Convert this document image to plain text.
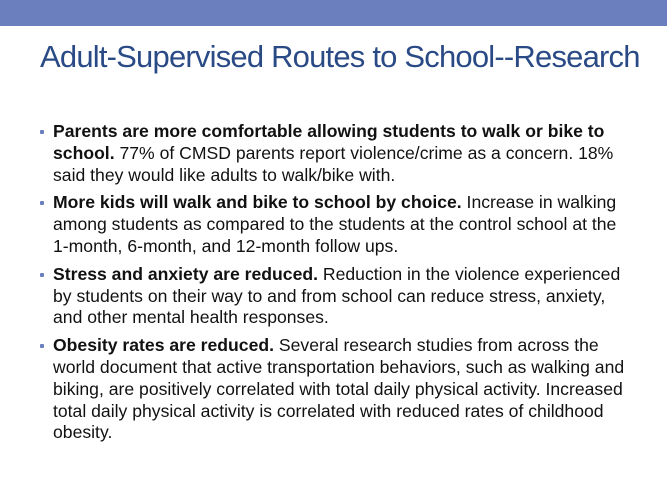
Adult-Supervised Routes to School--Research
Parents are more comfortable allowing students to walk or bike to school. 77% of CMSD parents report violence/crime as a concern. 18% said they would like adults to walk/bike with.
More kids will walk and bike to school by choice. Increase in walking among students as compared to the students at the control school at the 1-month, 6-month, and 12-month follow ups.
Stress and anxiety are reduced. Reduction in the violence experienced by students on their way to and from school can reduce stress, anxiety, and other mental health responses.
Obesity rates are reduced. Several research studies from across the world document that active transportation behaviors, such as walking and biking, are positively correlated with total daily physical activity. Increased total daily physical activity is correlated with reduced rates of childhood obesity.
